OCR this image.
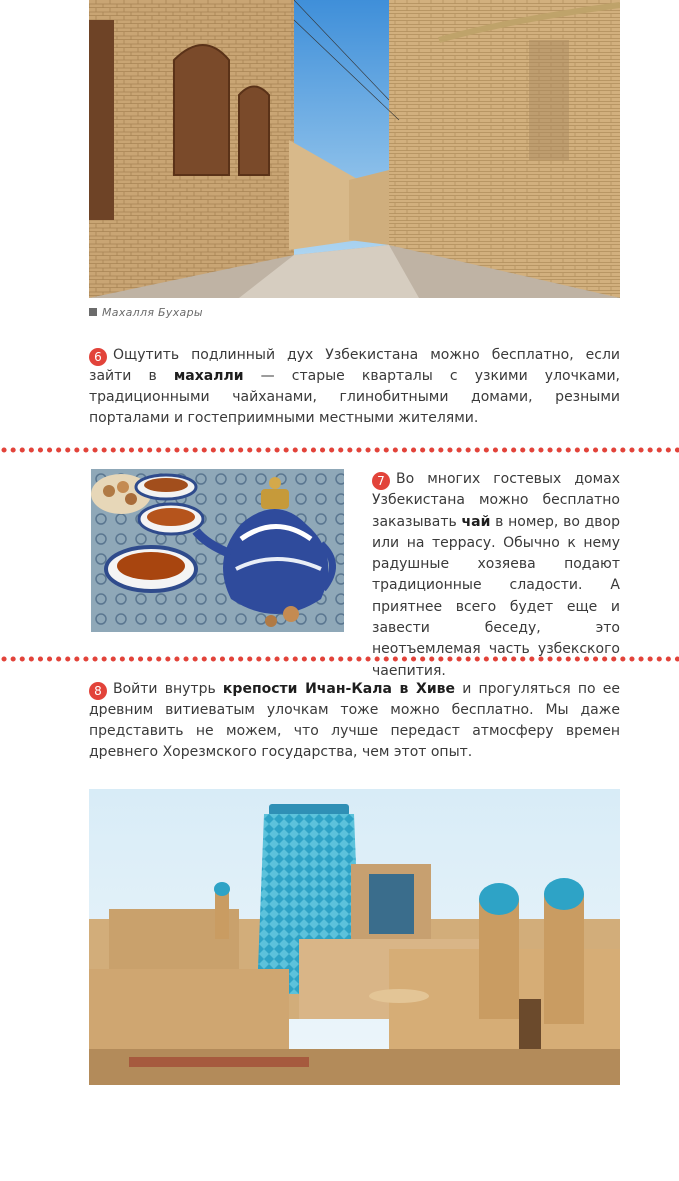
Махалля Бухары
6 Ощутить подлинный дух Узбекистана можно бесплатно, если зайти в махалли — старые кварталы с узкими улочками, традиционными чайханами, глинобитными домами, резными порталами и гостеприимными местными жителями.
7 Во многих гостевых домах Узбекистана можно бесплатно заказывать чай в номер, во двор или на террасу. Обычно к нему радушные хозяева подают традиционные сладости. А приятнее всего будет еще и завести беседу, это неотъемлемая часть узбекского чаепития.
8 Войти внутрь крепости Ичан-Кала в Хиве и прогуляться по ее древним витиеватым улочкам тоже можно бесплатно. Мы даже представить не можем, что лучше передаст атмосферу времен древнего Хорезмского государства, чем этот опыт.
